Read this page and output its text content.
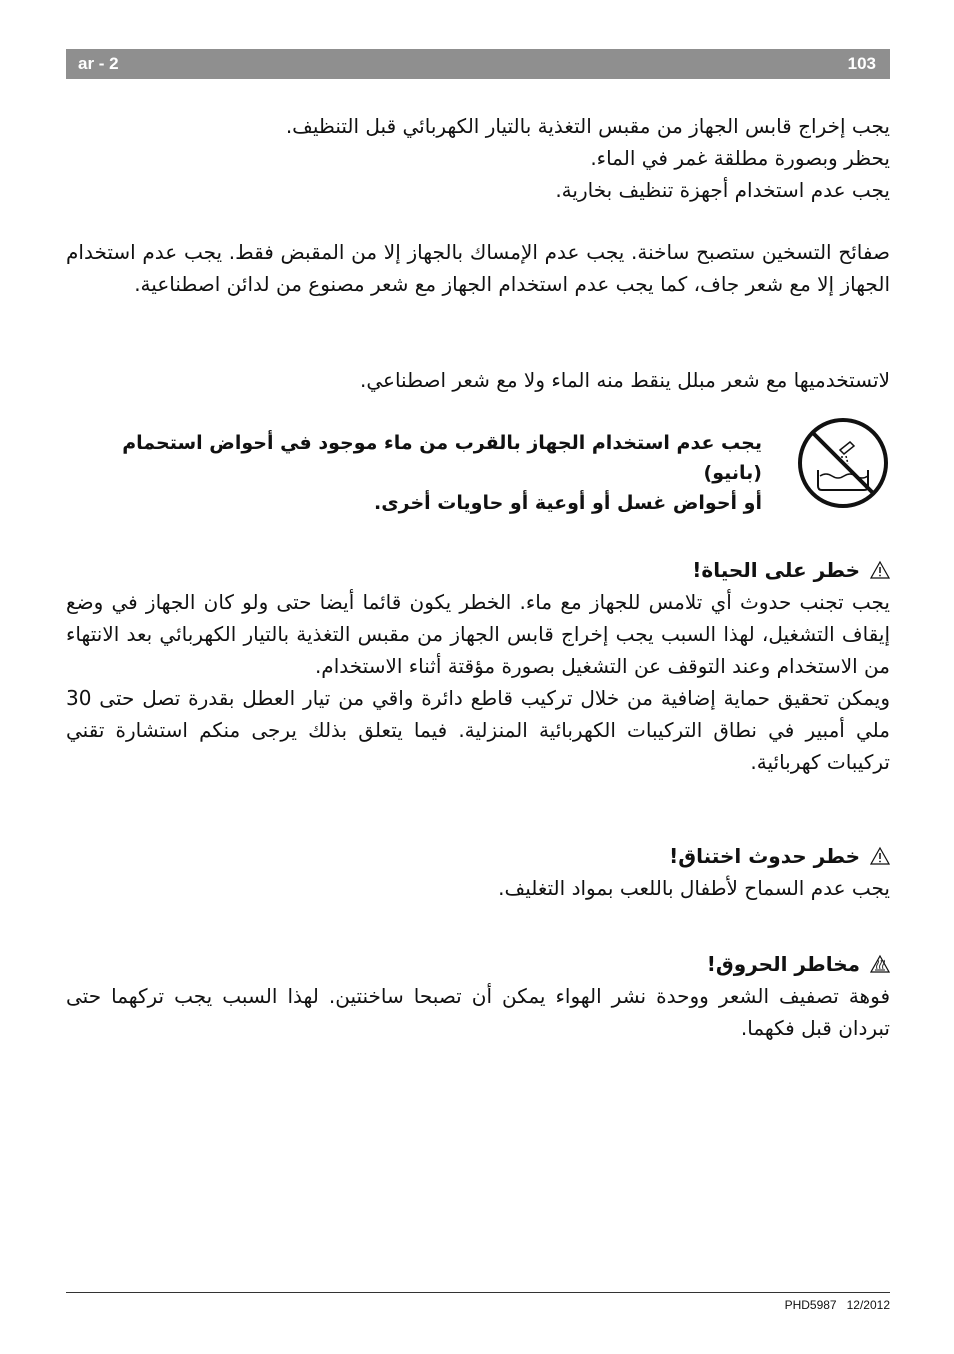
ar - 2	103
يجب إخراج قابس الجهاز من مقبس التغذية بالتيار الكهربائي قبل التنظيف.
يحظر وبصورة مطلقة غمر في الماء.
يجب عدم استخدام أجهزة تنظيف بخارية.
صفائح التسخين ستصبح ساخنة. يجب عدم الإمساك بالجهاز إلا من المقبض فقط. يجب عدم استخدام الجهاز إلا مع شعر جاف، كما يجب عدم استخدام الجهاز مع شعر مصنوع من لدائن اصطناعية.
لاتستخدميها مع شعر مبلل ينقط منه الماء ولا مع شعر اصطناعي.
يجب عدم استخدام الجهاز بالقرب من ماء موجود في أحواض استحمام (بانيو)
أو أحواض غسل أو أوعية أو حاويات أخرى.
خطر على الحياة!
يجب تجنب حدوث أي تلامس للجهاز مع ماء. الخطر يكون قائما أيضا حتى ولو كان الجهاز في وضع إيقاف التشغيل، لهذا السبب يجب إخراج قابس الجهاز من مقبس التغذية بالتيار الكهربائي بعد الانتهاء من الاستخدام وعند التوقف عن التشغيل بصورة مؤقتة أثناء الاستخدام.
ويمكن تحقيق حماية إضافية من خلال تركيب قاطع دائرة واقي من تيار العطل بقدرة تصل حتى 30 ملي أمبير في نطاق التركيبات الكهربائية المنزلية. فيما يتعلق بذلك يرجى منكم استشارة تقني تركيبات كهربائية.
خطر حدوث اختناق!
يجب عدم السماح لأطفال باللعب بمواد التغليف.
مخاطر الحروق!
فوهة تصفيف الشعر ووحدة نشر الهواء يمكن أن تصبحا ساخنتين. لهذا السبب يجب تركهما حتى تبردان قبل فكهما.
PHD5987 12/2012
